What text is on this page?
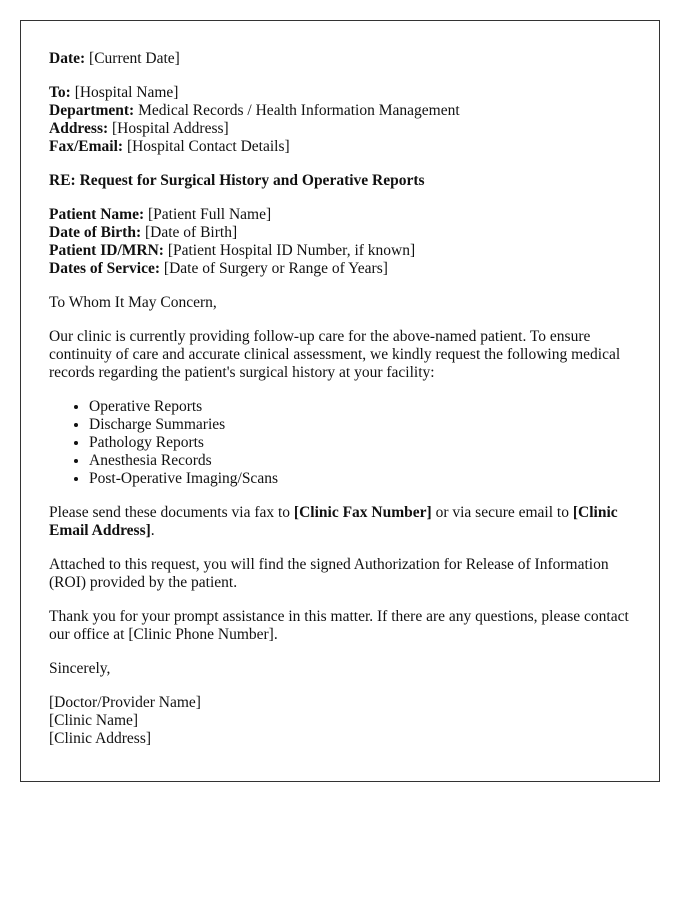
Date: [Current Date]

To: [Hospital Name]
Department: Medical Records / Health Information Management
Address: [Hospital Address]
Fax/Email: [Hospital Contact Details]

RE: Request for Surgical History and Operative Reports

Patient Name: [Patient Full Name]
Date of Birth: [Date of Birth]
Patient ID/MRN: [Patient Hospital ID Number, if known]
Dates of Service: [Date of Surgery or Range of Years]

To Whom It May Concern,

Our clinic is currently providing follow-up care for the above-named patient. To ensure continuity of care and accurate clinical assessment, we kindly request the following medical records regarding the patient's surgical history at your facility:

• Operative Reports
• Discharge Summaries
• Pathology Reports
• Anesthesia Records
• Post-Operative Imaging/Scans

Please send these documents via fax to [Clinic Fax Number] or via secure email to [Clinic Email Address].

Attached to this request, you will find the signed Authorization for Release of Information (ROI) provided by the patient.

Thank you for your prompt assistance in this matter. If there are any questions, please contact our office at [Clinic Phone Number].

Sincerely,

[Doctor/Provider Name]
[Clinic Name]
[Clinic Address]
